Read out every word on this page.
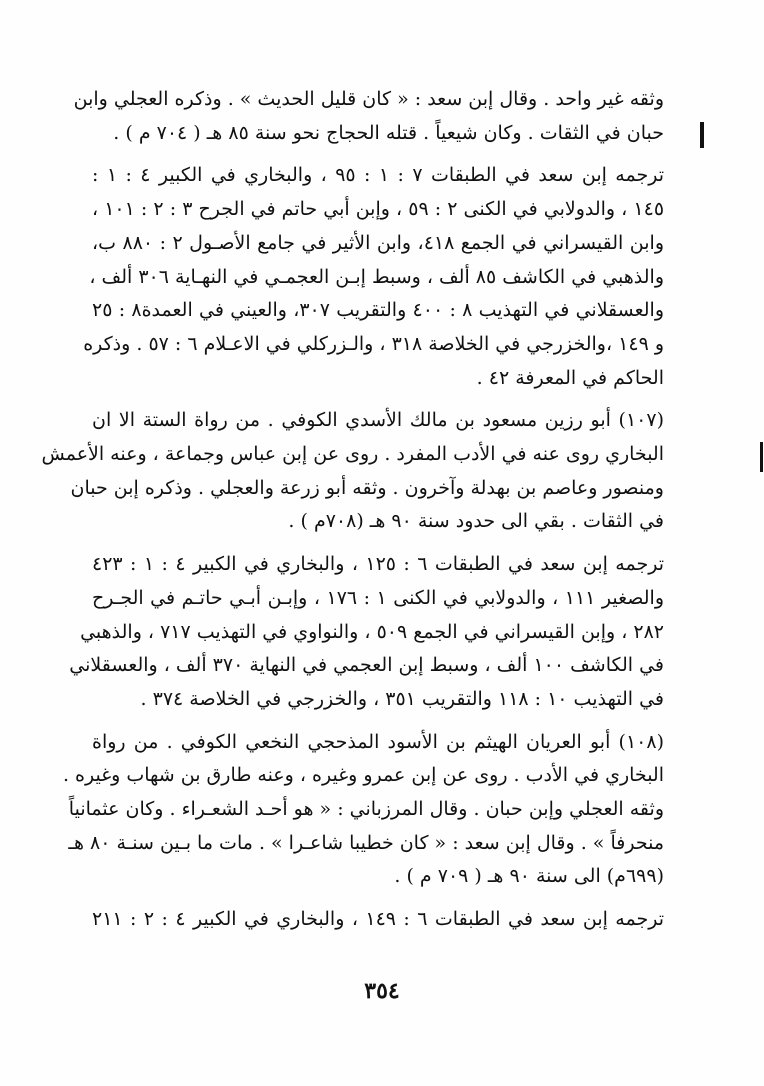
وثقه غير واحد . وقال إبن سعد : « كان قليل الحديث » . وذكره العجلي وابن
حبان في الثقات . وكان شيعياً . قتله الحجاج نحو سنة ٨٥ هـ ( ٧٠٤ م ) .

ترجمه إبن سعد في الطبقات ٧ : ١ : ٩٥ ، والبخاري في الكبير ٤ : ١ :
١٤٥ ، والدولابي في الكنى ٢ : ٥٩ ، وإبن أبي حاتم في الجرح ٣ : ٢ : ١٠١ ،
وابن القيسراني في الجمع ٤١٨، وابن الأثير في جامع الأصـول ٢ : ٨٨٠ ب،
والذهبي في الكاشف ٨٥ ألف ، وسبط إبـن العجمـي في النهـاية ٣٠٦ ألف ،
والعسقلاني في التهذيب ٨ : ٤٠٠ والتقريب ٣٠٧، والعيني في العمدة٨ : ٢٥
و ١٤٩ ،والخزرجي في الخلاصة ٣١٨ ، والـزركلي في الاعـلام ٦ : ٥٧ . وذكره
الحاكم في المعرفة ٤٢ .

(١٠٧) أبو رزين مسعود بن مالك الأسدي الكوفي . من رواة الستة الا ان
البخاري روى عنه في الأدب المفرد . روى عن إبن عباس وجماعة ، وعنه الأعمش
ومنصور وعاصم بن بهدلة وآخرون . وثقه أبو زرعة والعجلي . وذكره إبن حبان
في الثقات . بقي الى حدود سنة ٩٠ هـ (٧٠٨م ) .

ترجمه إبن سعد في الطبقات ٦ : ١٢٥ ، والبخاري في الكبير ٤ : ١ : ٤٢٣
والصغير ١١١ ، والدولابي في الكنى ١ : ١٧٦ ، وإبـن أبـي حاتـم في الجـرح
٢٨٢ ، وإبن القيسراني في الجمع ٥٠٩ ، والنواوي في التهذيب ٧١٧ ، والذهبي
في الكاشف ١٠٠ ألف ، وسبط إبن العجمي في النهاية ٣٧٠ ألف ، والعسقلاني
في التهذيب ١٠ : ١١٨ والتقريب ٣٥١ ، والخزرجي في الخلاصة ٣٧٤ .

(١٠٨) أبو العريان الهيثم بن الأسود المذحجي النخعي الكوفي . من رواة
البخاري في الأدب . روى عن إبن عمرو وغيره ، وعنه طارق بن شهاب وغيره .
وثقه العجلي وإبن حبان . وقال المرزباني : « هو أحـد الشعـراء . وكان عثمانياً
منحرفاً » . وقال إبن سعد : « كان خطيبا شاعـرا » . مات ما بـين سنـة ٨٠ هـ
(٦٩٩م) الى سنة ٩٠ هـ ( ٧٠٩ م ) .

ترجمه إبن سعد في الطبقات ٦ : ١٤٩ ، والبخاري في الكبير ٤ : ٢ : ٢١١

٣٥٤
